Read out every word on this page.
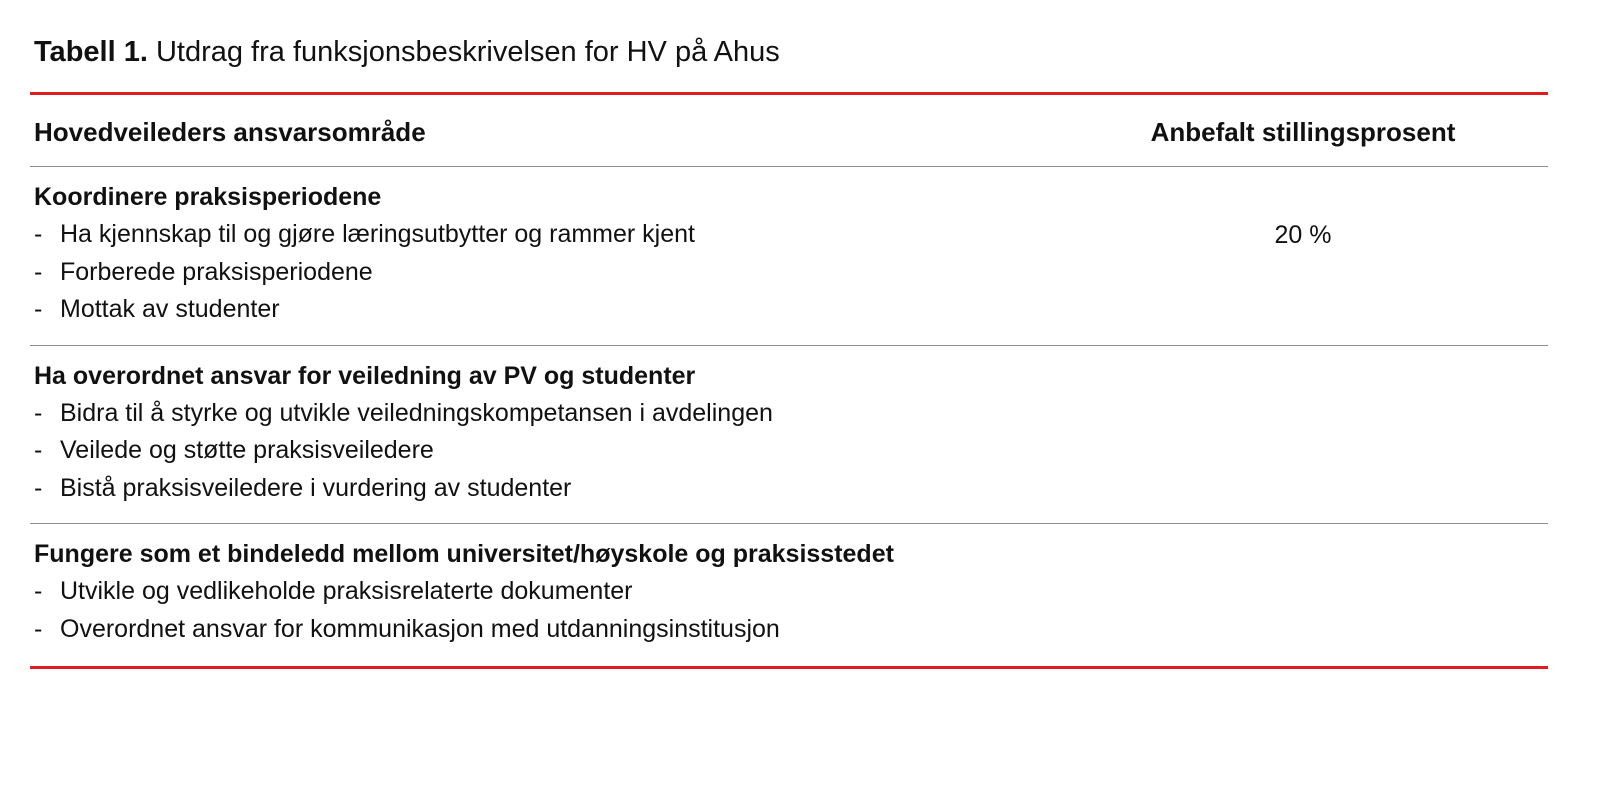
Tabell 1. Utdrag fra funksjonsbeskrivelsen for HV på Ahus

Hovedveileders ansvarsområde	Anbefalt stillingsprosent

Koordinere praksisperiodene
- Ha kjennskap til og gjøre læringsutbytter og rammer kjent
- Forberede praksisperiodene
- Mottak av studenter
	20 %

Ha overordnet ansvar for veiledning av PV og studenter
- Bidra til å styrke og utvikle veiledningskompetansen i avdelingen
- Veilede og støtte praksisveiledere
- Bistå praksisveiledere i vurdering av studenter

Fungere som et bindeledd mellom universitet/høyskole og praksisstedet
- Utvikle og vedlikeholde praksisrelaterte dokumenter
- Overordnet ansvar for kommunikasjon med utdanningsinstitusjon
